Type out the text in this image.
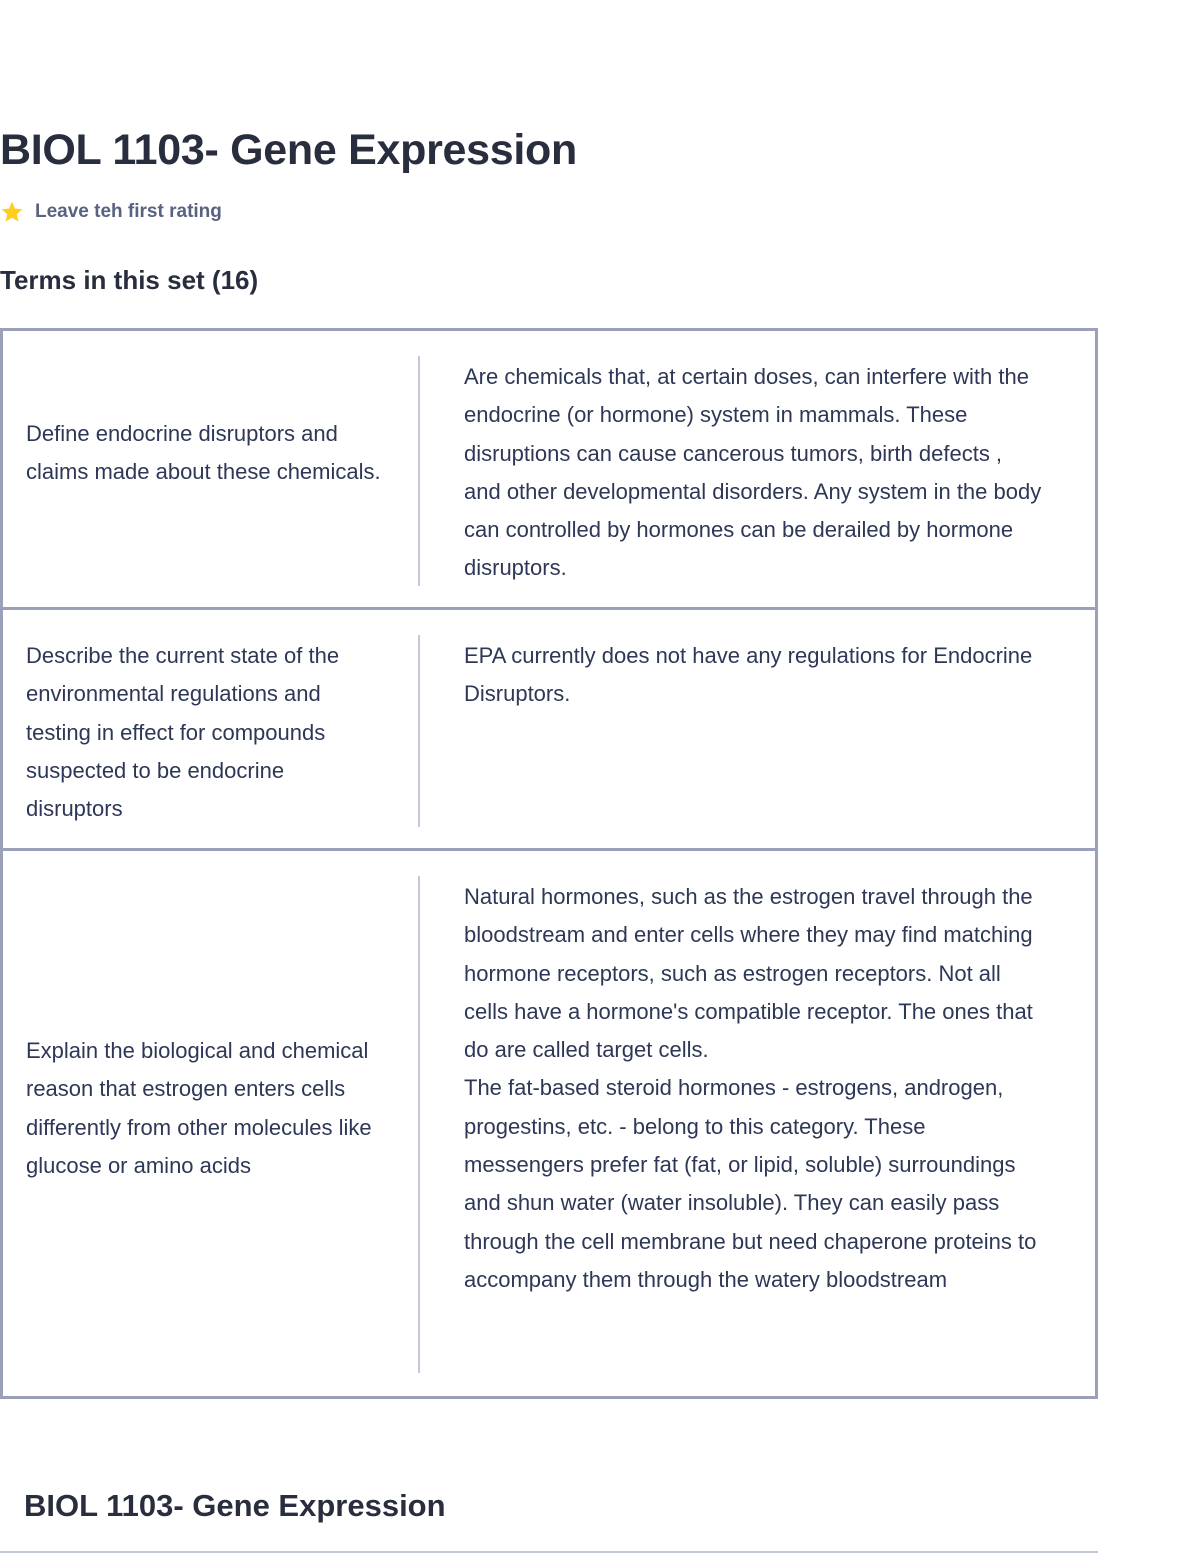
BIOL 1103- Gene Expression
Leave teh first rating
Terms in this set (16)

Define endocrine disruptors and claims made about these chemicals.

Are chemicals that, at certain doses, can interfere with the endocrine (or hormone) system in mammals. These disruptions can cause cancerous tumors, birth defects , and other developmental disorders. Any system in the body can controlled by hormones can be derailed by hormone disruptors.

Describe the current state of the environmental regulations and testing in effect for compounds suspected to be endocrine disruptors

EPA currently does not have any regulations for Endocrine Disruptors.

Explain the biological and chemical reason that estrogen enters cells differently from other molecules like glucose or amino acids

Natural hormones, such as the estrogen travel through the bloodstream and enter cells where they may find matching hormone receptors, such as estrogen receptors. Not all cells have a hormone's compatible receptor. The ones that do are called target cells.
The fat-based steroid hormones - estrogens, androgen, progestins, etc. - belong to this category. These messengers prefer fat (fat, or lipid, soluble) surroundings and shun water (water insoluble). They can easily pass through the cell membrane but need chaperone proteins to accompany them through the watery bloodstream

BIOL 1103- Gene Expression
